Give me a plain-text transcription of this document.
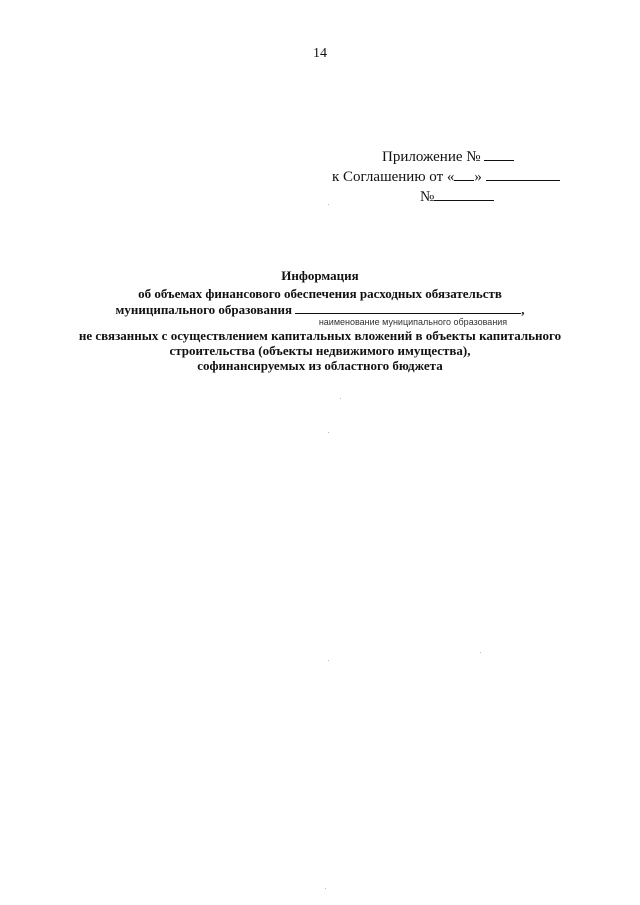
14
Приложение №
к Соглашению от « »
№
Информация
об объемах финансового обеспечения расходных обязательств
муниципального образования	,
наименование муниципального образования
не связанных с осуществлением капитальных вложений в объекты капитального
строительства (объекты недвижимого имущества),
софинансируемых из областного бюджета
